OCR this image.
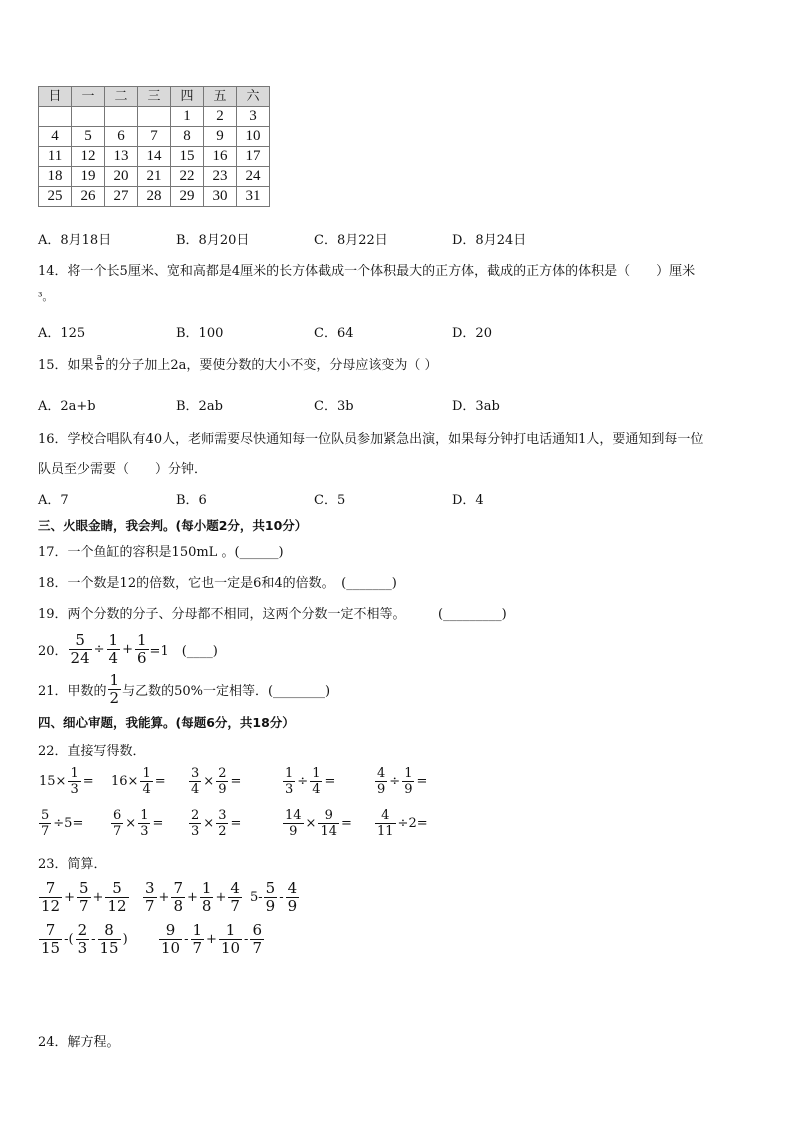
日	一	二	三	四	五	六
				1	2	3
4	5	6	7	8	9	10
11	12	13	14	15	16	17
18	19	20	21	22	23	24
25	26	27	28	29	30	31
A．8月18日	B．8月20日	C．8月22日	D．8月24日
14．将一个长5厘米、宽和高都是4厘米的长方体截成一个体积最大的正方体，截成的正方体的体积是（　　）厘米
³。
A．125	B．100	C．64	D．20
15．如果 a
b 的分子加上2a，要使分数的大小不变，分母应该变为（ ）
A．2a+b	B．2ab	C．3b	D．3ab
16．学校合唱队有40人，老师需要尽快通知每一位队员参加紧急出演，如果每分钟打电话通知1人，要通知到每一位
队员至少需要（　　）分钟．
A．7	B．6	C．5	D．4
三、火眼金睛，我会判。(每小题2分，共10分）
17．一个鱼缸的容积是150mL 。(______)
18．一个数是12的倍数，它也一定是6和4的倍数。　(_______)
19．两个分数的分子、分母都不相同，这两个分数一定不相等。　　　(_________)
20． $\frac{5}{24} \div \frac{1}{4} + \frac{1}{6} =1$　(____)
21．甲数的
1
2 与乙数的50%一定相等．(________)
四、细心审题，我能算。(每题6分，共18分）
22．直接写得数．
$15\times \frac{1}{3} = 16\times \frac{1}{4} = \frac{3}{4} \times \frac{2}{9}$ =	$\frac{1}{3} \div \frac{1}{4}$ =	$\frac{4}{9} \div \frac{1}{9}$ =
$\frac{5}{7} \div 5= \frac{6}{7} \times \frac{1}{3} = \frac{2}{3} \times \frac{3}{2}$ =	$\frac{14}{9} \times \frac{9}{14} = \frac{4}{11} \div 2=$
23．简算．
7
$12 + \frac{5}{7} + \frac{5}{12} 3$
$7 + \frac{7}{8} + \frac{1}{8} + \frac{4}{7} 5-$
5
9 -
4
9
7
15 -(
2
3 -
8
15 )
9
10 -
1
$7 + \frac{1}{10}$ -
6
7
24．解方程。
